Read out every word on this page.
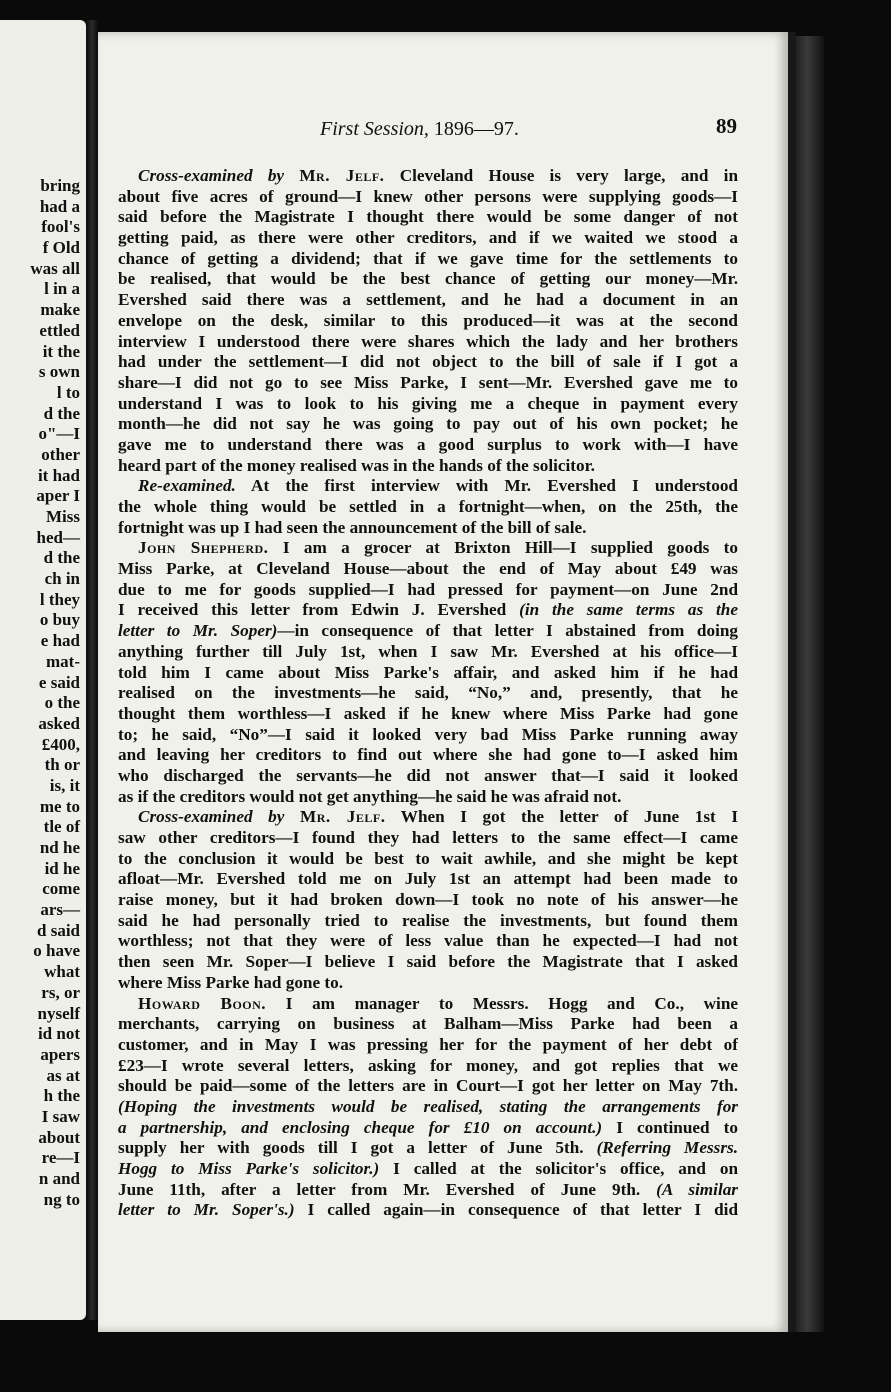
bring
had a
fool's
f Old
was all
l in a
make
ettled
it the
s own
l to
d the
o"—I
other
it had
aper I
Miss
hed—
d the
ch in
l they
o buy
e had
mat-
e said
o the
asked
£400,
th or
is, it
me to
tle of
nd he
id he
come
ars—
d said
o have
what
rs, or
nyself
id not
apers
as at
h the
I saw
about
re—I
n and
ng to
First Session, 1896—97.	89
Cross-examined by Mr. Jelf. Cleveland House is very large, and in
about five acres of ground—I knew other persons were supplying goods—I
said before the Magistrate I thought there would be some danger of not
getting paid, as there were other creditors, and if we waited we stood a
chance of getting a dividend; that if we gave time for the settlements to
be realised, that would be the best chance of getting our money—Mr.
Evershed said there was a settlement, and he had a document in an
envelope on the desk, similar to this produced—it was at the second
interview I understood there were shares which the lady and her brothers
had under the settlement—I did not object to the bill of sale if I got a
share—I did not go to see Miss Parke, I sent—Mr. Evershed gave me to
understand I was to look to his giving me a cheque in payment every
month—he did not say he was going to pay out of his own pocket; he
gave me to understand there was a good surplus to work with—I have
heard part of the money realised was in the hands of the solicitor.
Re-examined. At the first interview with Mr. Evershed I understood
the whole thing would be settled in a fortnight—when, on the 25th, the
fortnight was up I had seen the announcement of the bill of sale.
John Shepherd. I am a grocer at Brixton Hill—I supplied goods to
Miss Parke, at Cleveland House—about the end of May about £49 was
due to me for goods supplied—I had pressed for payment—on June 2nd
I received this letter from Edwin J. Evershed (in the same terms as the
letter to Mr. Soper)—in consequence of that letter I abstained from doing
anything further till July 1st, when I saw Mr. Evershed at his office—I
told him I came about Miss Parke's affair, and asked him if he had
realised on the investments—he said, “No,” and, presently, that he
thought them worthless—I asked if he knew where Miss Parke had gone
to; he said, “No”—I said it looked very bad Miss Parke running away
and leaving her creditors to find out where she had gone to—I asked him
who discharged the servants—he did not answer that—I said it looked
as if the creditors would not get anything—he said he was afraid not.
Cross-examined by Mr. Jelf. When I got the letter of June 1st I
saw other creditors—I found they had letters to the same effect—I came
to the conclusion it would be best to wait awhile, and she might be kept
afloat—Mr. Evershed told me on July 1st an attempt had been made to
raise money, but it had broken down—I took no note of his answer—he
said he had personally tried to realise the investments, but found them
worthless; not that they were of less value than he expected—I had not
then seen Mr. Soper—I believe I said before the Magistrate that I asked
where Miss Parke had gone to.
Howard Boon. I am manager to Messrs. Hogg and Co., wine
merchants, carrying on business at Balham—Miss Parke had been a
customer, and in May I was pressing her for the payment of her debt of
£23—I wrote several letters, asking for money, and got replies that we
should be paid—some of the letters are in Court—I got her letter on May 7th.
(Hoping the investments would be realised, stating the arrangements for
a partnership, and enclosing cheque for £10 on account.) I continued to
supply her with goods till I got a letter of June 5th. (Referring Messrs.
Hogg to Miss Parke's solicitor.) I called at the solicitor's office, and on
June 11th, after a letter from Mr. Evershed of June 9th. (A similar
letter to Mr. Soper's.) I called again—in consequence of that letter I did
